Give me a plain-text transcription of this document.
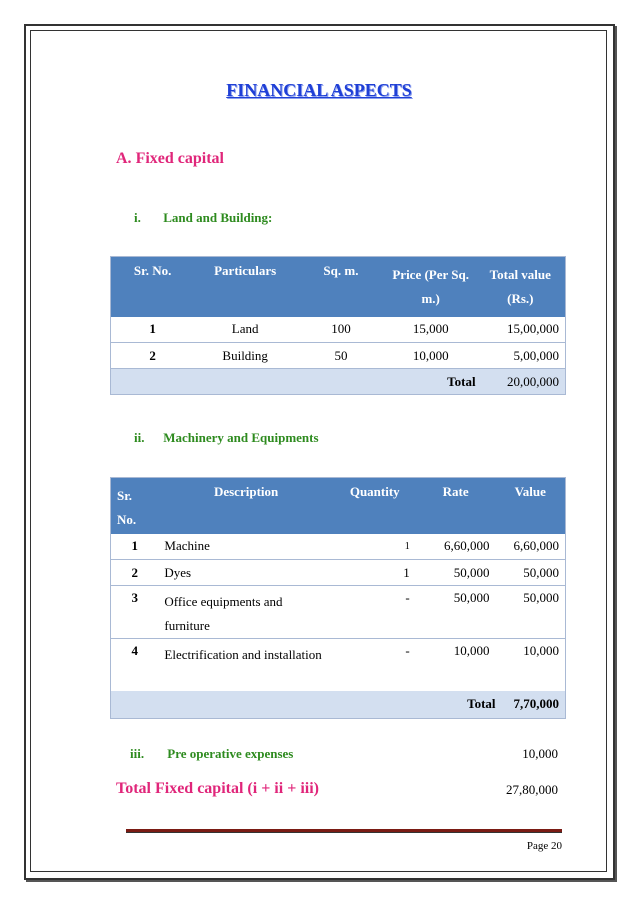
FINANCIAL ASPECTS
A. Fixed capital
i. Land and Building:
Sr. No.	Particulars	Sq. m.	Price (Per Sq. m.)	Total value (Rs.)
1	Land	100	15,000	15,00,000
2	Building	50	10,000	5,00,000
Total				20,00,000
ii. Machinery and Equipments
Sr. No.	Description	Quantity	Rate	Value
1	Machine	1	6,60,000	6,60,000
2	Dyes	1	50,000	50,000
3	Office equipments and furniture	-	50,000	50,000
4	Electrification and installation	-	10,000	10,000
Total				7,70,000
iii. Pre operative expenses	10,000
Total Fixed capital (i + ii + iii)	27,80,000
Page 20
